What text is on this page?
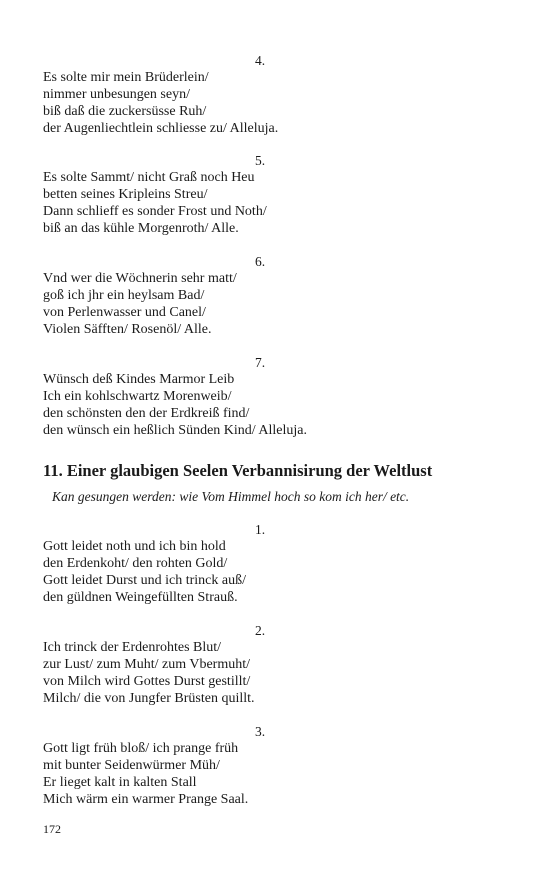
4.

Es solte mir mein Brüderlein/

nimmer unbesungen seyn/

biß daß die zuckersüsse Ruh/

der Augenliechtlein schliesse zu/ Alleluja.

5.

Es solte Sammt/ nicht Graß noch Heu

betten seines Kripleins Streu/

Dann schlieff es sonder Frost und Noth/

biß an das kühle Morgenroth/ Alle.

6.

Vnd wer die Wöchnerin sehr matt/

goß ich jhr ein heylsam Bad/

von Perlenwasser und Canel/

Violen Säfften/ Rosenöl/ Alle.

7.

Wünsch deß Kindes Marmor Leib

Ich ein kohlschwartz Morenweib/

den schönsten den der Erdkreiß find/

den wünsch ein heßlich Sünden Kind/ Alleluja.

11. Einer glaubigen Seelen Verbannisirung der Weltlust

Kan gesungen werden: wie Vom Himmel hoch so kom ich her/ etc.

1.

Gott leidet noth und ich bin hold

den Erdenkoht/ den rohten Gold/

Gott leidet Durst und ich trinck auß/

den güldnen Weingefüllten Strauß.

2.

Ich trinck der Erdenrohtes Blut/

zur Lust/ zum Muht/ zum Vbermuht/

von Milch wird Gottes Durst gestillt/

Milch/ die von Jungfer Brüsten quillt.

3.

Gott ligt früh bloß/ ich prange früh

mit bunter Seidenwürmer Müh/

Er lieget kalt in kalten Stall

Mich wärm ein warmer Prange Saal.

172
